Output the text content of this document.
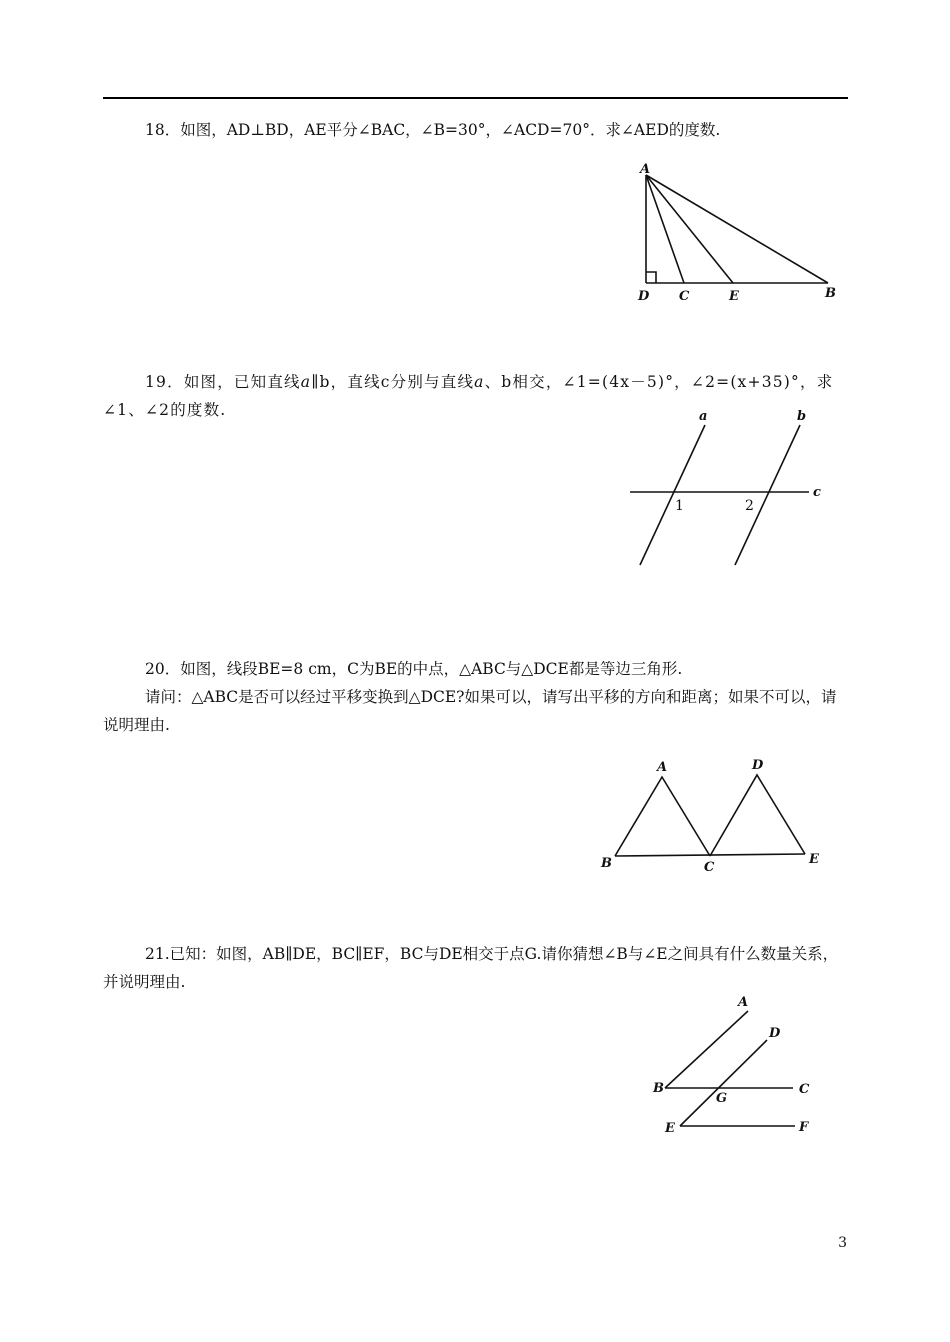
18．如图，AD⊥BD，AE平分∠BAC，∠B=30°，∠ACD=70°．求∠AED的度数.

A
D C	E	B

19．如图，已知直线a∥b，直线c分别与直线a、b相交，∠1=(4x－5)°，∠2=(x+35)°，求∠1、∠2的度数.	a	b
c
1	2

20．如图，线段BE=8 cm，C为BE的中点，△ABC与△DCE都是等边三角形.

请问：△ABC是否可以经过平移变换到△DCE?如果可以，请写出平移的方向和距离；如果不可以，请说明理由.

A	D
B	C
E

21.已知：如图，AB∥DE，BC∥EF，BC与DE相交于点G.请你猜想∠B与∠E之间具有什么数量关系，并说明理由.

A
D
B	C
G
E	F
3
